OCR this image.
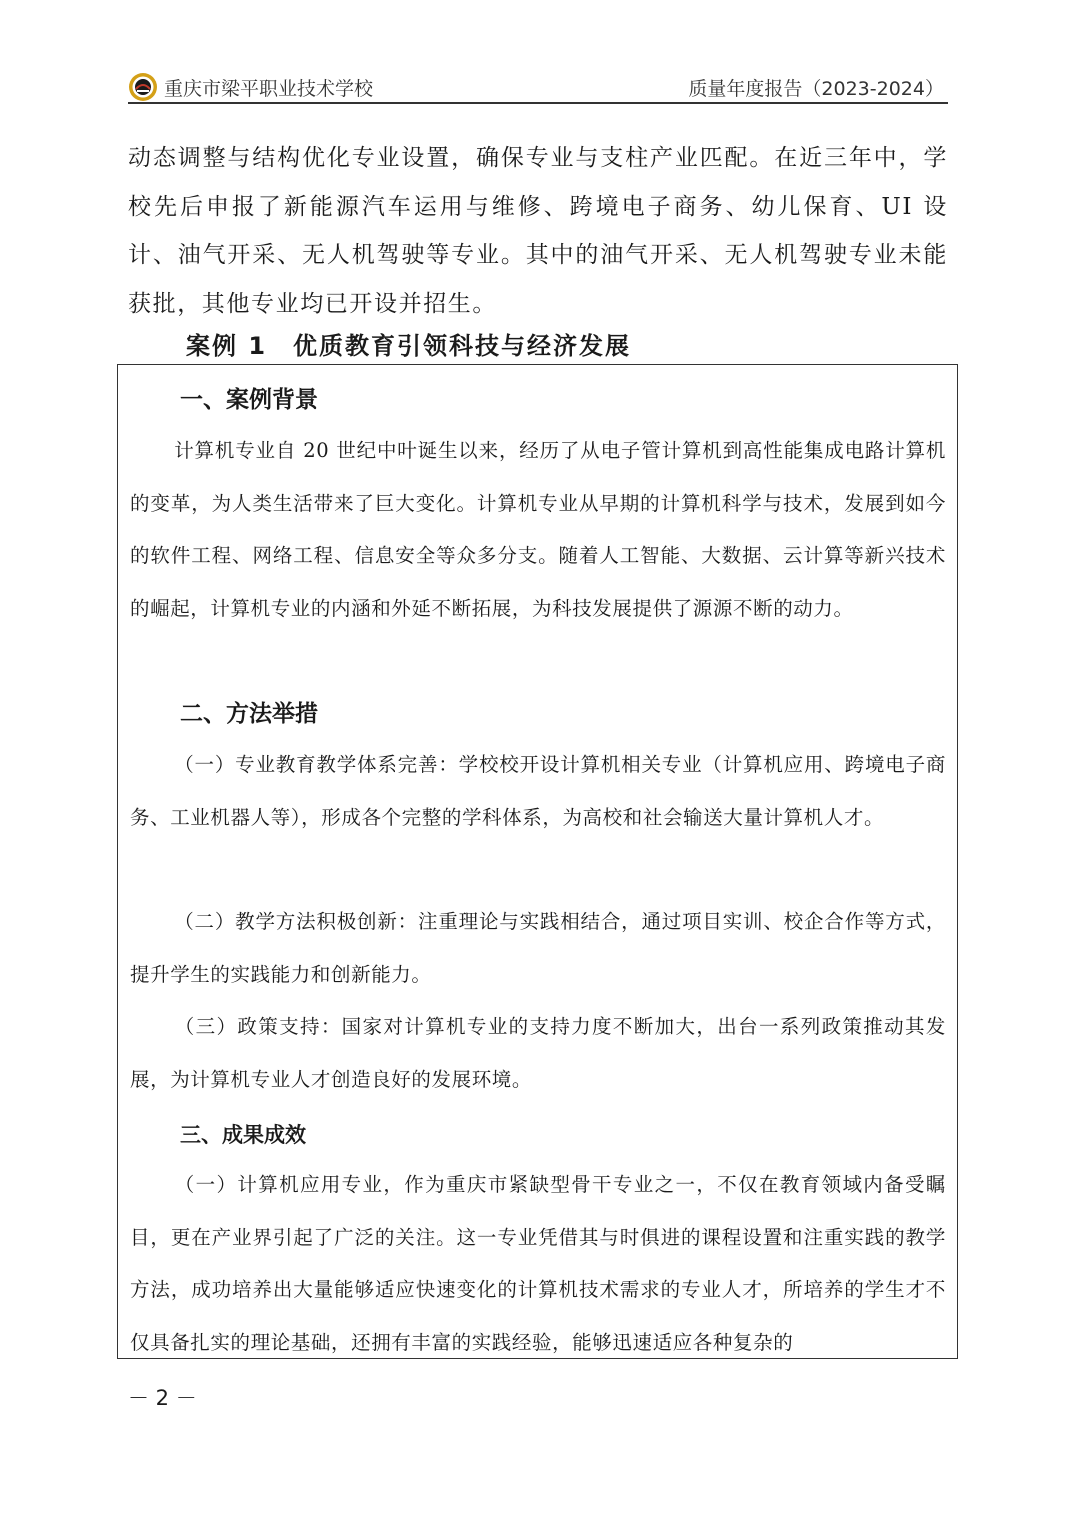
重庆市梁平职业技术学校	质量年度报告（2023-2024）

动态调整与结构优化专业设置，确保专业与支柱产业匹配。在近三年中，学校先后申报了新能源汽车运用与维修、跨境电子商务、幼儿保育、UI 设计、油气开采、无人机驾驶等专业。其中的油气开采、无人机驾驶专业未能获批，其他专业均已开设并招生。

案例 1　优质教育引领科技与经济发展
一、案例背景
计算机专业自 20 世纪中叶诞生以来，经历了从电子管计算机到高性能集成电路计算机的变革，为人类生活带来了巨大变化。计算机专业从早期的计算机科学与技术，发展到如今的软件工程、网络工程、信息安全等众多分支。随着人工智能、大数据、云计算等新兴技术的崛起，计算机专业的内涵和外延不断拓展，为科技发展提供了源源不断的动力。
二、方法举措
（一）专业教育教学体系完善：学校校开设计算机相关专业（计算机应用、跨境电子商务、工业机器人等），形成各个完整的学科体系，为高校和社会输送大量计算机人才。
（二）教学方法积极创新：注重理论与实践相结合，通过项目实训、校企合作等方式，提升学生的实践能力和创新能力。
（三）政策支持：国家对计算机专业的支持力度不断加大，出台一系列政策推动其发展，为计算机专业人才创造良好的发展环境。
三、成果成效
（一）计算机应用专业，作为重庆市紧缺型骨干专业之一，不仅在教育领域内备受瞩目，更在产业界引起了广泛的关注。这一专业凭借其与时俱进的课程设置和注重实践的教学方法，成功培养出大量能够适应快速变化的计算机技术需求的专业人才，所培养的学生才不仅具备扎实的理论基础，还拥有丰富的实践经验，能够迅速适应各种复杂的
－ 2 －
